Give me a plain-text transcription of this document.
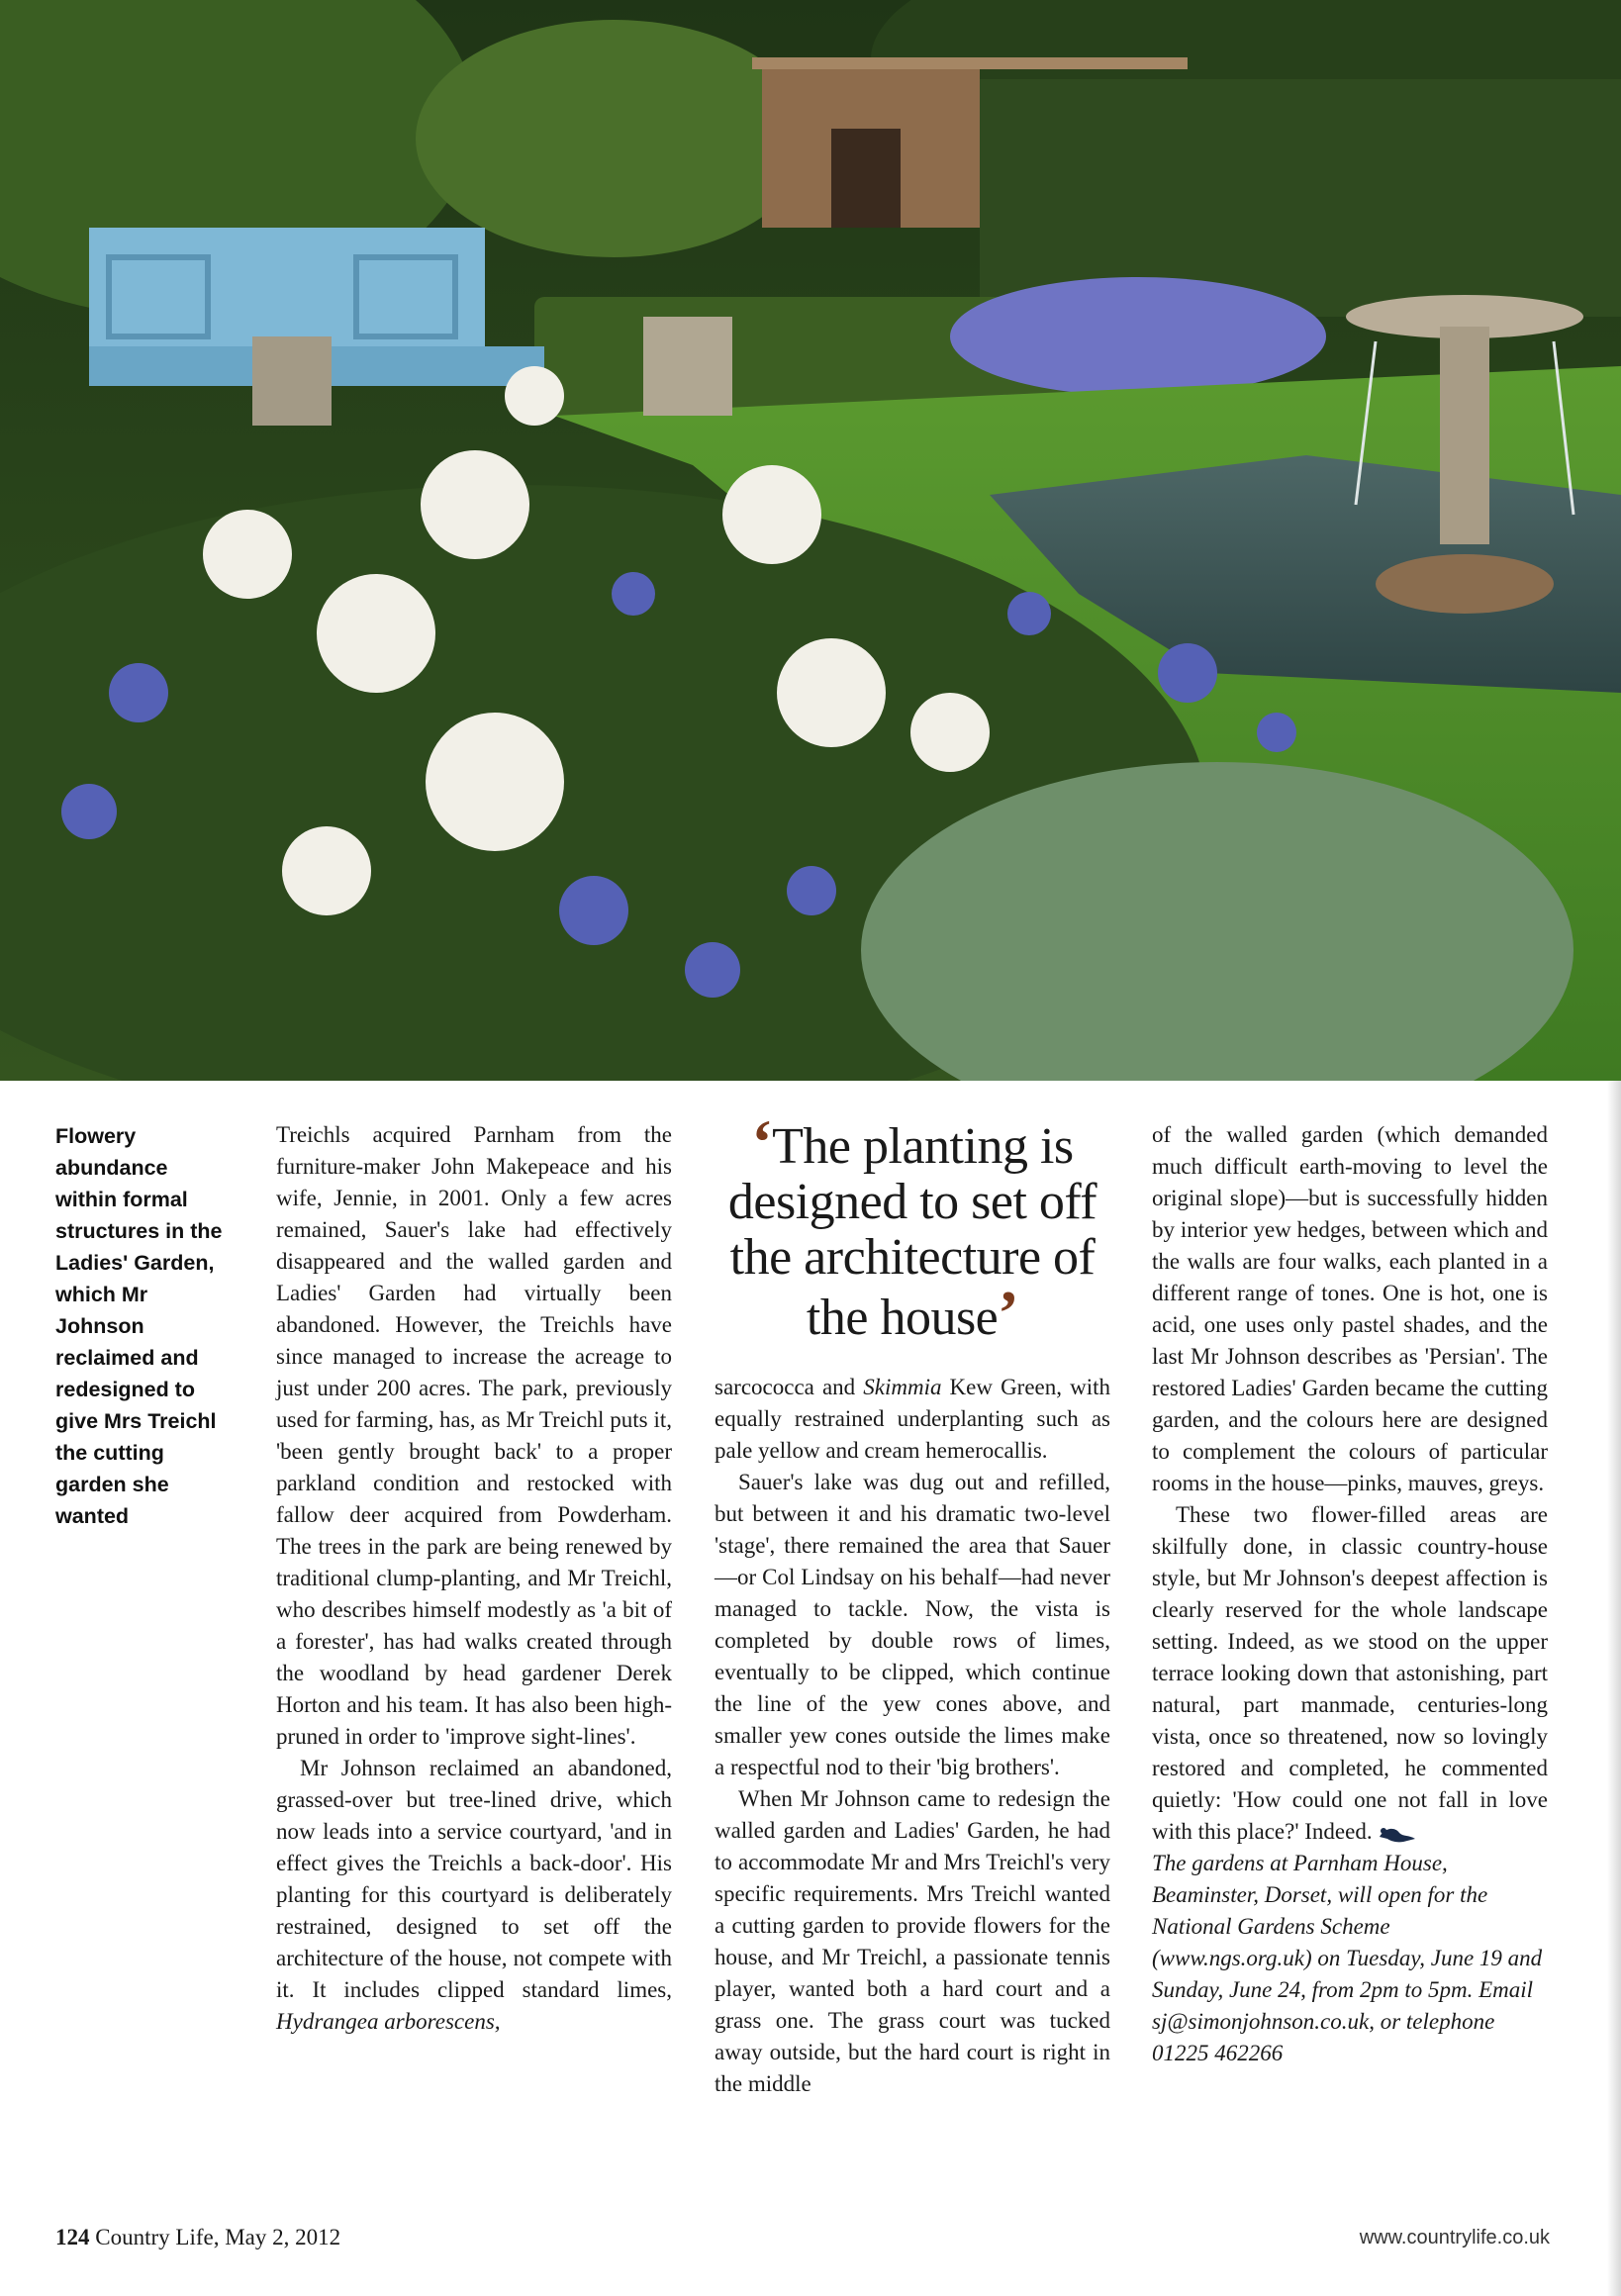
Flowery abundance within formal structures in the Ladies' Garden, which Mr Johnson reclaimed and redesigned to give Mrs Treichl the cutting garden she wanted

Treichls acquired Parnham from the furniture-maker John Makepeace and his wife, Jennie, in 2001. Only a few acres remained, Sauer's lake had effectively disappeared and the walled garden and Ladies' Garden had virtually been abandoned. However, the Treichls have since managed to increase the acreage to just under 200 acres. The park, previously used for farming, has, as Mr Treichl puts it, 'been gently brought back' to a proper parkland condition and restocked with fallow deer acquired from Powderham. The trees in the park are being renewed by traditional clump-planting, and Mr Treichl, who describes himself modestly as 'a bit of a forester', has had walks created through the woodland by head gardener Derek Horton and his team. It has also been high-pruned in order to 'improve sight-lines'.

Mr Johnson reclaimed an abandoned, grassed-over but tree-lined drive, which now leads into a service courtyard, 'and in effect gives the Treichls a back-door'. His planting for this courtyard is deliberately restrained, designed to set off the architecture of the house, not compete with it. It includes clipped standard limes, Hydrangea arborescens,

‘The planting is designed to set off the architecture of the house’

sarcococca and Skimmia Kew Green, with equally restrained underplanting such as pale yellow and cream hemerocallis.

Sauer's lake was dug out and refilled, but between it and his dramatic two-level 'stage', there remained the area that Sauer—or Col Lindsay on his behalf—had never managed to tackle. Now, the vista is completed by double rows of limes, eventually to be clipped, which continue the line of the yew cones above, and smaller yew cones outside the limes make a respectful nod to their 'big brothers'.

When Mr Johnson came to redesign the walled garden and Ladies' Garden, he had to accommodate Mr and Mrs Treichl's very specific requirements. Mrs Treichl wanted a cutting garden to provide flowers for the house, and Mr Treichl, a passionate tennis player, wanted both a hard court and a grass one. The grass court was tucked away outside, but the hard court is right in the middle

of the walled garden (which demanded much difficult earth-moving to level the original slope)—but is successfully hidden by interior yew hedges, between which and the walls are four walks, each planted in a different range of tones. One is hot, one is acid, one uses only pastel shades, and the last Mr Johnson describes as 'Persian'. The restored Ladies' Garden became the cutting garden, and the colours here are designed to complement the colours of particular rooms in the house—pinks, mauves, greys.

These two flower-filled areas are skilfully done, in classic country-house style, but Mr Johnson's deepest affection is clearly reserved for the whole landscape setting. Indeed, as we stood on the upper terrace looking down that astonishing, part natural, part manmade, centuries-long vista, once so threatened, now so lovingly restored and completed, he commented quietly: 'How could one not fall in love with this place?' Indeed.

The gardens at Parnham House, Beaminster, Dorset, will open for the National Gardens Scheme (www.ngs.org.uk) on Tuesday, June 19 and Sunday, June 24, from 2pm to 5pm. Email sj@simonjohnson.co.uk, or telephone 01225 462266

124 Country Life, May 2, 2012	www.countrylife.co.uk
